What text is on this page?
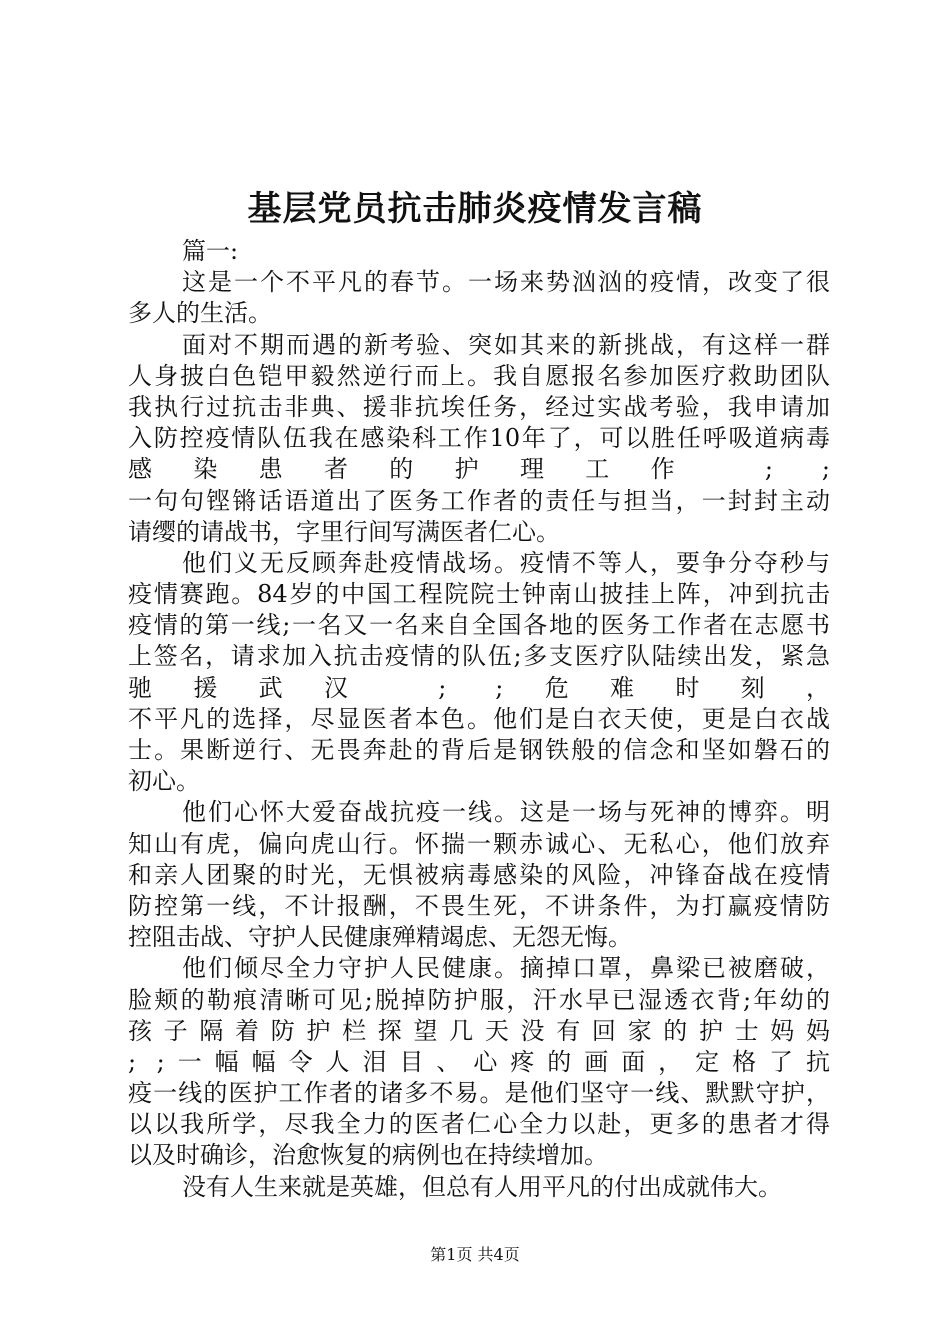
基层党员抗击肺炎疫情发言稿
篇一:
这是一个不平凡的春节。一场来势汹汹的疫情，改变了很
多人的生活。
面对不期而遇的新考验、突如其来的新挑战，有这样一群
人身披白色铠甲毅然逆行而上。我自愿报名参加医疗救助团队
我执行过抗击非典、援非抗埃任务，经过实战考验，我申请加
入防控疫情队伍我在感染科工作10年了，可以胜任呼吸道病毒
感染患者的护理工作 ; ;
一句句铿锵话语道出了医务工作者的责任与担当，一封封主动
请缨的请战书，字里行间写满医者仁心。
他们义无反顾奔赴疫情战场。疫情不等人，要争分夺秒与
疫情赛跑。84岁的中国工程院院士钟南山披挂上阵，冲到抗击
疫情的第一线;一名又一名来自全国各地的医务工作者在志愿书
上签名，请求加入抗击疫情的队伍;多支医疗队陆续出发，紧急
驰援武汉 ; ;危难时刻，
不平凡的选择，尽显医者本色。他们是白衣天使，更是白衣战
士。果断逆行、无畏奔赴的背后是钢铁般的信念和坚如磐石的
初心。
他们心怀大爱奋战抗疫一线。这是一场与死神的博弈。明
知山有虎，偏向虎山行。怀揣一颗赤诚心、无私心，他们放弃
和亲人团聚的时光，无惧被病毒感染的风险，冲锋奋战在疫情
防控第一线，不计报酬，不畏生死，不讲条件，为打赢疫情防
控阻击战、守护人民健康殚精竭虑、无怨无悔。
他们倾尽全力守护人民健康。摘掉口罩，鼻梁已被磨破，
脸颊的勒痕清晰可见;脱掉防护服，汗水早已湿透衣背;年幼的
孩 子 隔 着 防 护 栏 探 望 几 天 没 有 回 家 的 护 士 妈 妈
; ;一幅幅令人泪目、心疼的画面，定格了抗
疫一线的医护工作者的诸多不易。是他们坚守一线、默默守护，
以以我所学，尽我全力的医者仁心全力以赴，更多的患者才得
以及时确诊，治愈恢复的病例也在持续增加。
没有人生来就是英雄，但总有人用平凡的付出成就伟大。
第1页 共4页
